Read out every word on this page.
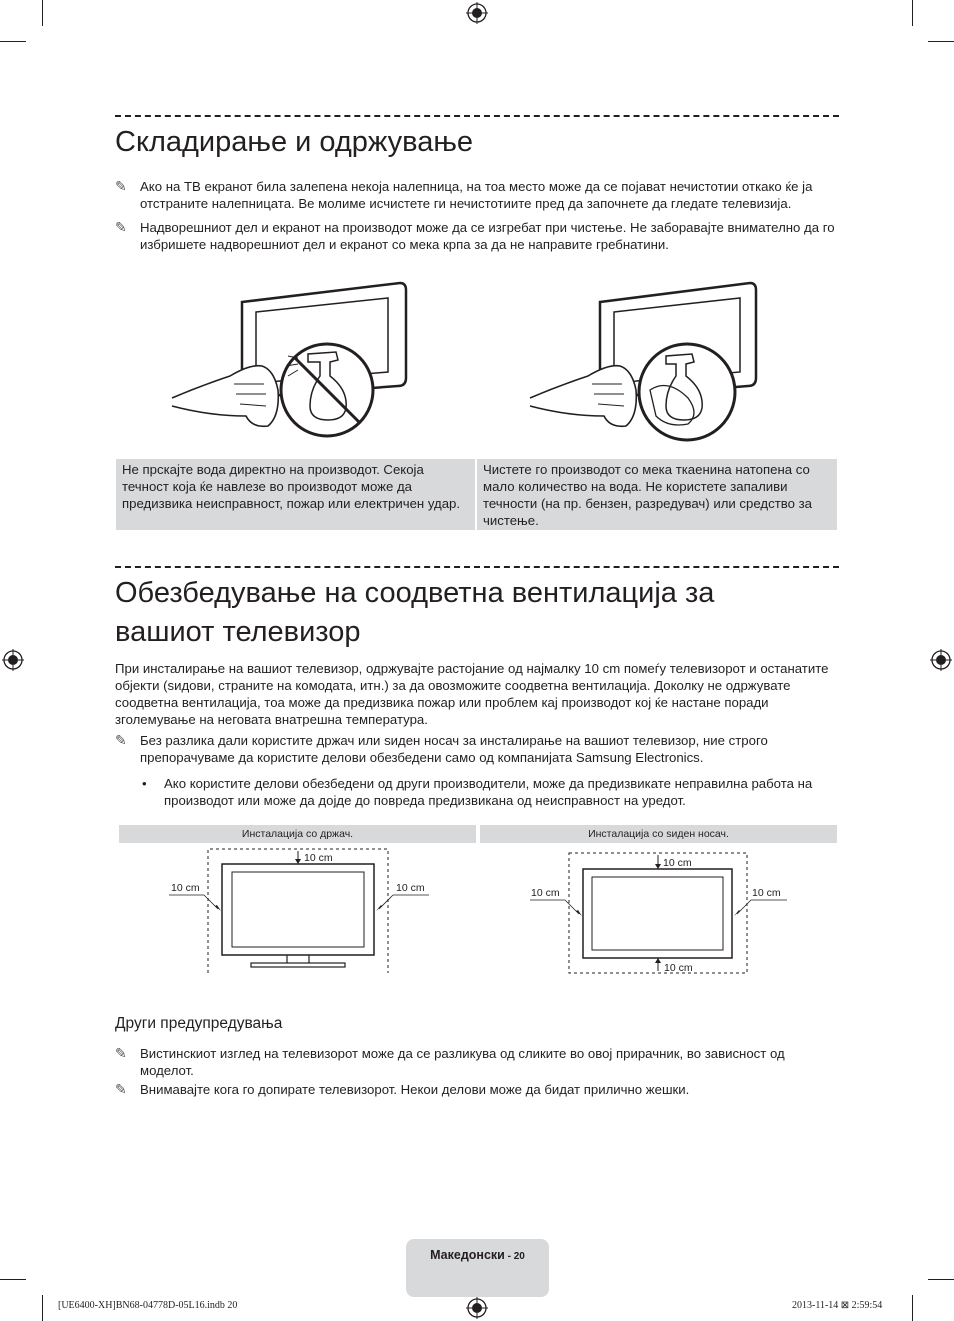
Складирање и одржување
✎	Ако на ТВ екранот била залепена некоја налепница, на тоа место може да се појават нечистотии откако ќе ја отстраните налепницата. Ве молиме исчистете ги нечистотиите пред да започнете да гледате телевизија.
✎	Надворешниот дел и екранот на производот може да се изгребат при чистење. Не заборавајте внимателно да го избришете надворешниот дел и екранот со мека крпа за да не направите гребнатини.
Не прскајте вода директно на производот. Секоја течност која ќе навлезе во производот може да предизвика неисправност, пожар или електричен удар.
Чистете го производот со мека ткаенина натопена со мало количество на вода. Не користете запаливи течности (на пр. бензен, разредувач) или средство за чистење.
Обезбедување на соодветна вентилација за
вашиот телевизор
При инсталирање на вашиот телевизор, одржувајте растојание од најмалку 10 cm помеѓу телевизорот и останатите објекти (sидови, страните на комодата, итн.) за да овозможите соодветна вентилација. Доколку не одржувате соодветна вентилација, тоа може да предизвика пожар или проблем кај производот кој ќе настане поради зголемување на неговата внатрешна температура.
✎	Без разлика дали користите држач или sиден носач за инсталирање на вашиот телевизор, ние строго препорачуваме да користите делови обезбедени само од компанијата Samsung Electronics.
• Ако користите делови обезбедени од други производители, може да предизвикате неправилна работа на производот или може да дојде до повреда предизвикана од неисправност на уредот.
Инсталација со држач.	Инсталација со sиден носач.
10 cm
10 cm	10 cm
10 cm
10 cm	10 cm
10 cm
Други предупредувања
✎	Вистинскиот изглед на телевизорот може да се разликува од сликите во овој прирачник, во зависност од моделот.
✎	Внимавајте кога го допирате телевизорот. Некои делови може да бидат прилично жешки.
Македонски - 20
[UE6400-XH]BN68-04778D-05L16.indb 20	2013-11-14 ⊠ 2:59:54
